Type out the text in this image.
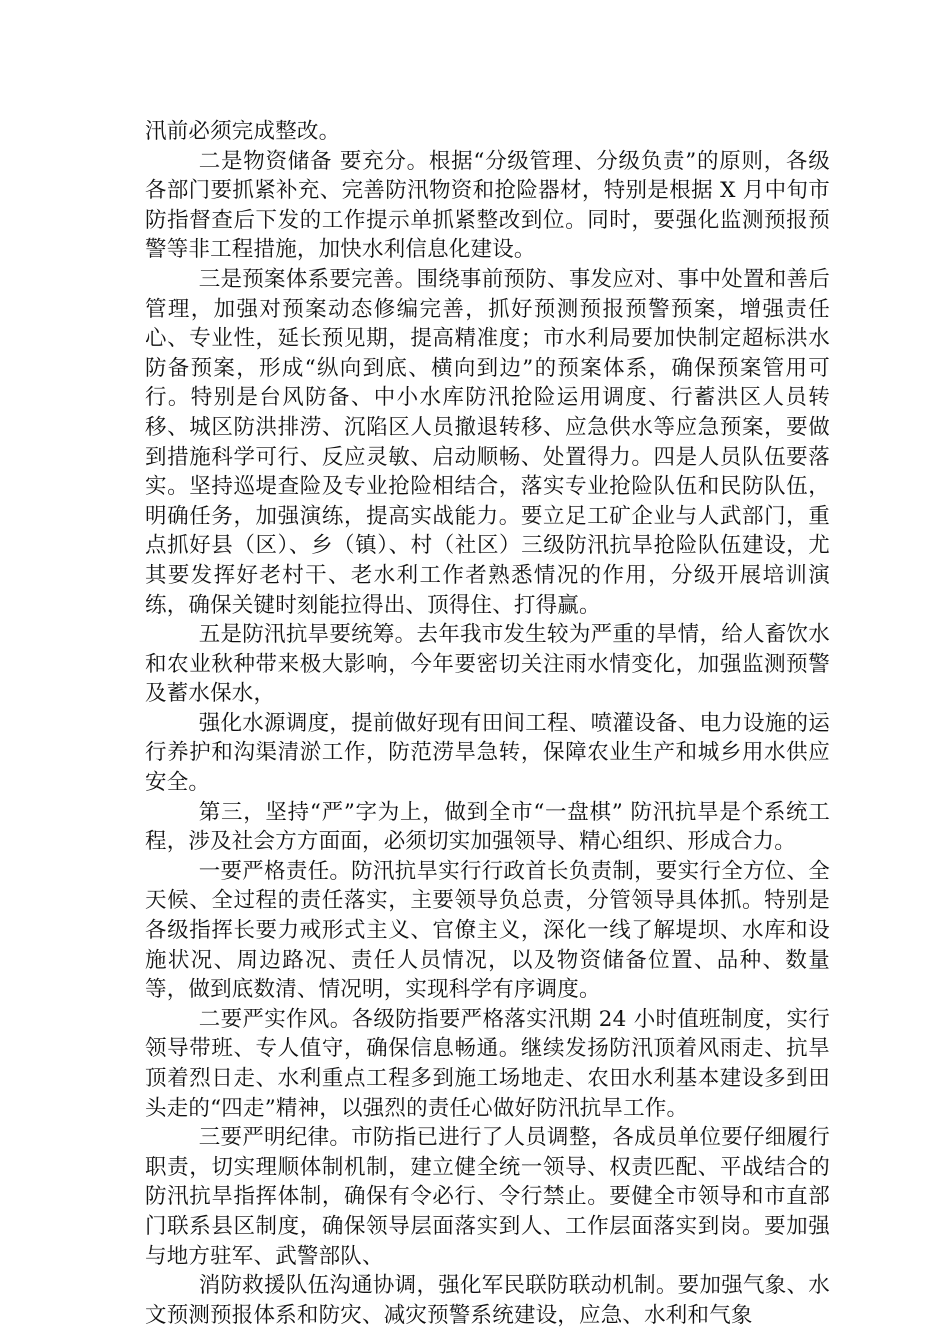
汛前必须完成整改。

二是物资储备 要充分。根据“分级管理、分级负责”的原则，各级各部门要抓紧补充、完善防汛物资和抢险器材，特别是根据 X 月中旬市防指督查后下发的工作提示单抓紧整改到位。同时，要强化监测预报预警等非工程措施，加快水利信息化建设。

三是预案体系要完善。围绕事前预防、事发应对、事中处置和善后管理，加强对预案动态修编完善，抓好预测预报预警预案，增强责任心、专业性，延长预见期，提高精准度；市水利局要加快制定超标洪水防备预案，形成“纵向到底、横向到边”的预案体系，确保预案管用可行。特别是台风防备、中小水库防汛抢险运用调度、行蓄洪区人员转移、城区防洪排涝、沉陷区人员撤退转移、应急供水等应急预案，要做到措施科学可行、反应灵敏、启动顺畅、处置得力。四是人员队伍要落实。坚持巡堤查险及专业抢险相结合，落实专业抢险队伍和民防队伍，明确任务，加强演练，提高实战能力。要立足工矿企业与人武部门，重点抓好县（区）、乡（镇）、村（社区）三级防汛抗旱抢险队伍建设，尤其要发挥好老村干、老水利工作者熟悉情况的作用，分级开展培训演练，确保关键时刻能拉得出、顶得住、打得赢。

五是防汛抗旱要统筹。去年我市发生较为严重的旱情，给人畜饮水和农业秋种带来极大影响，今年要密切关注雨水情变化，加强监测预警及蓄水保水，

强化水源调度，提前做好现有田间工程、喷灌设备、电力设施的运行养护和沟渠清淤工作，防范涝旱急转，保障农业生产和城乡用水供应安全。

第三，坚持“严”字为上，做到全市“一盘棋” 防汛抗旱是个系统工程，涉及社会方方面面，必须切实加强领导、精心组织、形成合力。

一要严格责任。防汛抗旱实行行政首长负责制，要实行全方位、全天候、全过程的责任落实，主要领导负总责，分管领导具体抓。特别是各级指挥长要力戒形式主义、官僚主义，深化一线了解堤坝、水库和设施状况、周边路况、责任人员情况，以及物资储备位置、品种、数量等，做到底数清、情况明，实现科学有序调度。

二要严实作风。各级防指要严格落实汛期 24 小时值班制度，实行领导带班、专人值守，确保信息畅通。继续发扬防汛顶着风雨走、抗旱顶着烈日走、水利重点工程多到施工场地走、农田水利基本建设多到田头走的“四走”精神，以强烈的责任心做好防汛抗旱工作。

三要严明纪律。市防指已进行了人员调整，各成员单位要仔细履行职责，切实理顺体制机制，建立健全统一领导、权责匹配、平战结合的防汛抗旱指挥体制，确保有令必行、令行禁止。要健全市领导和市直部门联系县区制度，确保领导层面落实到人、工作层面落实到岗。要加强与地方驻军、武警部队、

消防救援队伍沟通协调，强化军民联防联动机制。要加强气象、水文预测预报体系和防灾、减灾预警系统建设，应急、水利和气象
